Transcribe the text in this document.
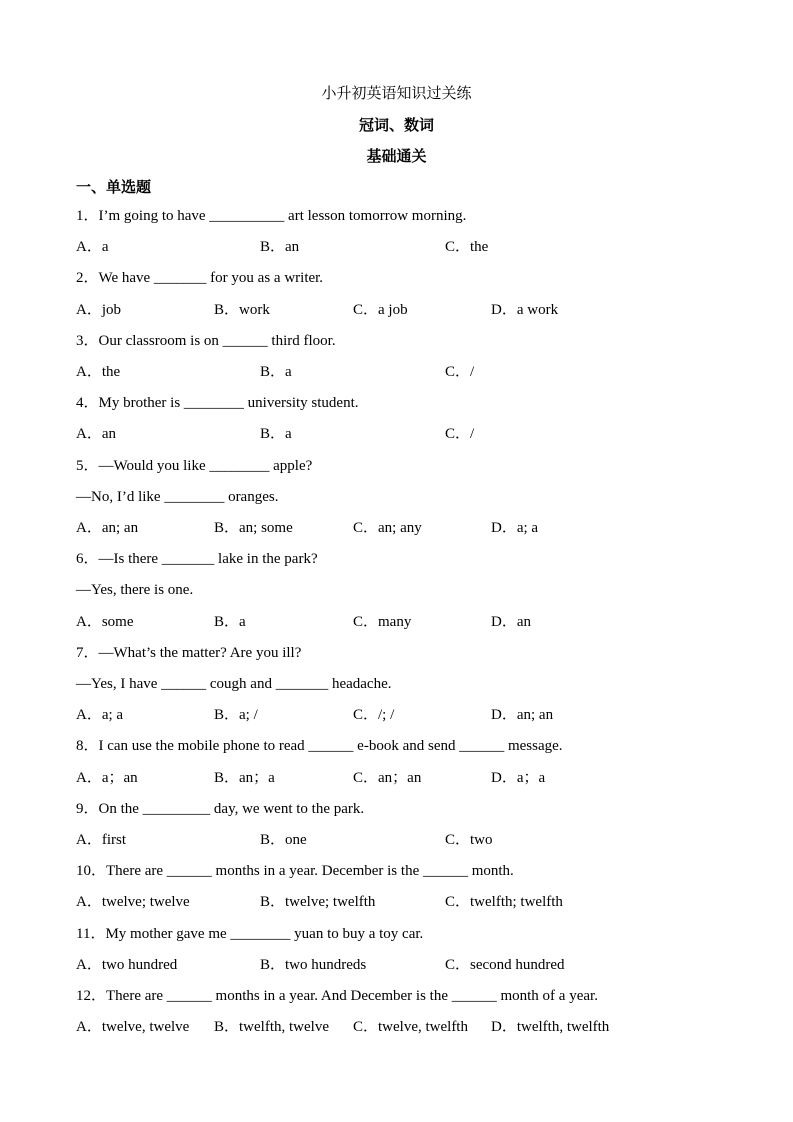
小升初英语知识过关练
冠词、数词
基础通关
一、单选题
1．I’m going to have __________ art lesson tomorrow morning.
A．a	B．an	C．the
2．We have _______ for you as a writer.
A．job	B．work	C．a job	D．a work
3．Our classroom is on ______ third floor.
A．the	B．a	C．/
4．My brother is ________ university student.
A．an	B．a	C．/
5．—Would you like ________ apple?
—No, I’d like ________ oranges.
A．an; an	B．an; some	C．an; any	D．a; a
6．—Is there _______ lake in the park?
—Yes, there is one.
A．some	B．a	C．many	D．an
7．—What’s the matter? Are you ill?
—Yes, I have ______ cough and _______ headache.
A．a; a	B．a; /	C．/; /	D．an; an
8．I can use the mobile phone to read ______ e-book and send ______ message.
A．a；an	B．an；a	C．an；an	D．a；a
9．On the _________ day, we went to the park.
A．first	B．one	C．two
10．There are ______ months in a year. December is the ______ month.
A．twelve; twelve	B．twelve; twelfth	C．twelfth; twelfth
11．My mother gave me ________ yuan to buy a toy car.
A．two hundred	B．two hundreds	C．second hundred
12．There are ______ months in a year. And December is the ______ month of a year.
A．twelve, twelve B．twelfth, twelve C．twelve, twelfth D．twelfth, twelfth
